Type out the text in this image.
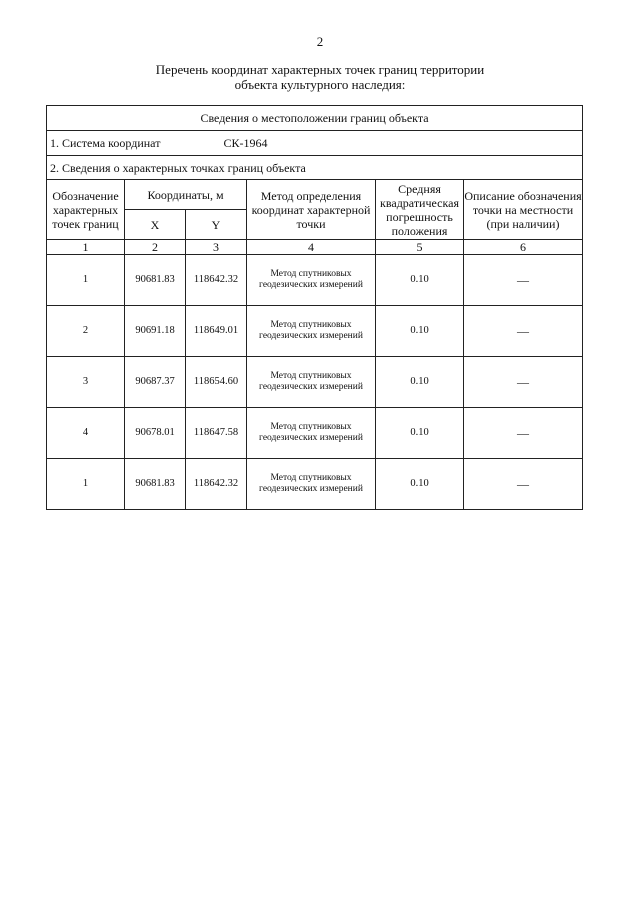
2
Перечень координат характерных точек границ территории
объекта культурного наследия:
Сведения о местоположении границ объекта					
1. Система координат СК-1964					
2. Сведения о характерных точках границ объекта					
Обозначение характерных точек границ	Координаты, м		Метод определения координат характерной точки	Средняя квадратическая погрешность положения	Описание обозначения точки на местности (при наличии)
	X	Y			
1	2	3	4	5	6
1	90681.83	118642.32	Метод спутниковых геодезических измерений	0.10	—
2	90691.18	118649.01	Метод спутниковых геодезических измерений	0.10	—
3	90687.37	118654.60	Метод спутниковых геодезических измерений	0.10	—
4	90678.01	118647.58	Метод спутниковых геодезических измерений	0.10	—
1	90681.83	118642.32	Метод спутниковых геодезических измерений	0.10	—
